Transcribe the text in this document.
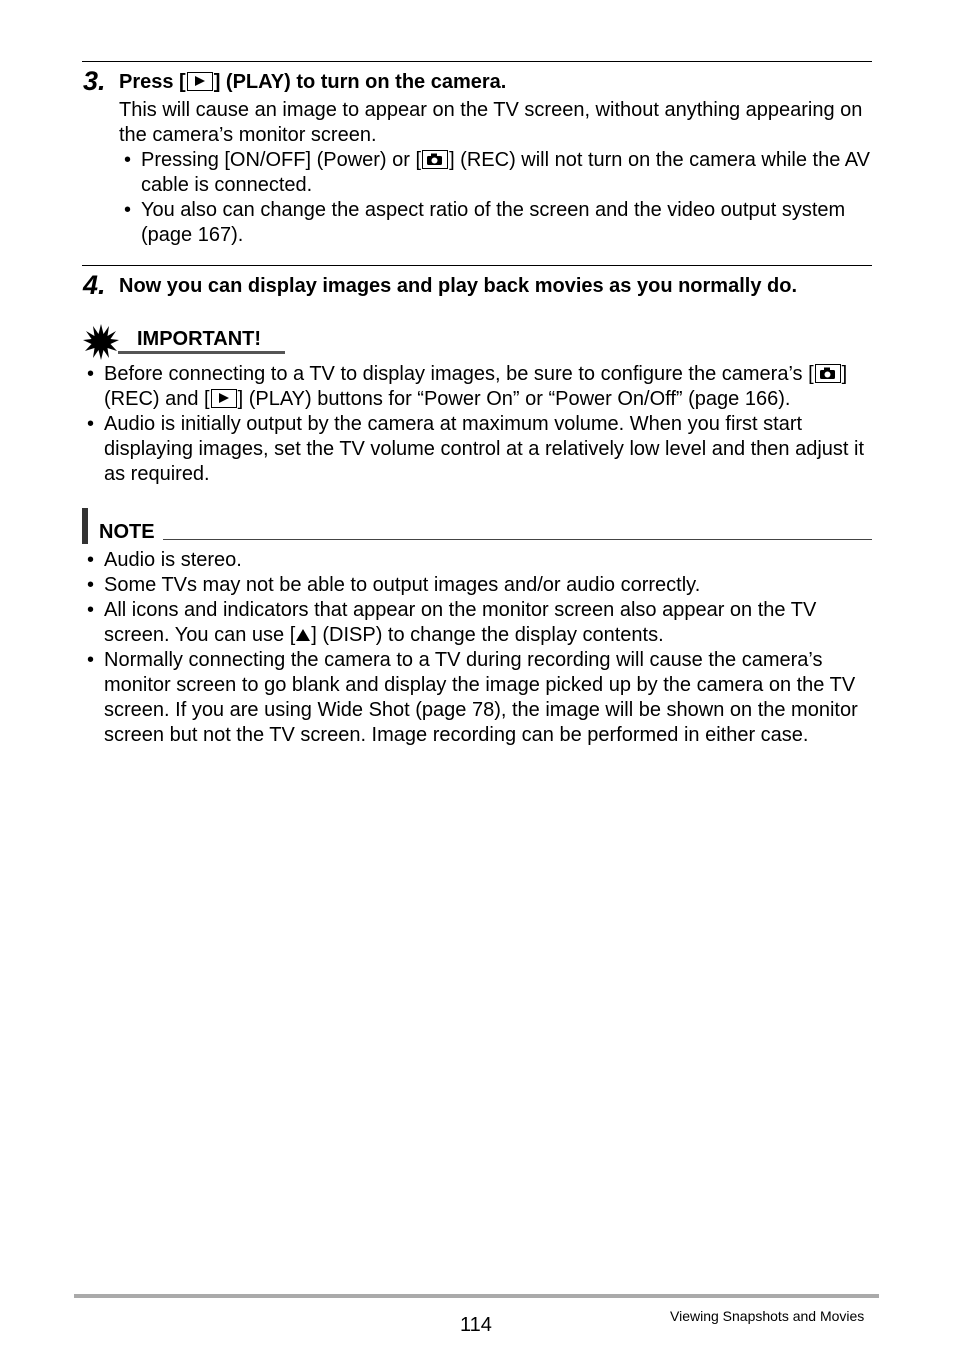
3. Press [ ] (PLAY) to turn on the camera.
This will cause an image to appear on the TV screen, without anything appearing on the camera’s monitor screen.
• Pressing [ON/OFF] (Power) or [ ] (REC) will not turn on the camera while the AV cable is connected.
• You also can change the aspect ratio of the screen and the video output system (page 167).
4. Now you can display images and play back movies as you normally do.
IMPORTANT!
• Before connecting to a TV to display images, be sure to configure the camera’s [ ] (REC) and [ ] (PLAY) buttons for “Power On” or “Power On/Off” (page 166).
• Audio is initially output by the camera at maximum volume. When you first start displaying images, set the TV volume control at a relatively low level and then adjust it as required.
NOTE
• Audio is stereo.
• Some TVs may not be able to output images and/or audio correctly.
• All icons and indicators that appear on the monitor screen also appear on the TV screen. You can use [ ] (DISP) to change the display contents.
• Normally connecting the camera to a TV during recording will cause the camera’s monitor screen to go blank and display the image picked up by the camera on the TV screen. If you are using Wide Shot (page 78), the image will be shown on the monitor screen but not the TV screen. Image recording can be performed in either case.
114	Viewing Snapshots and Movies
